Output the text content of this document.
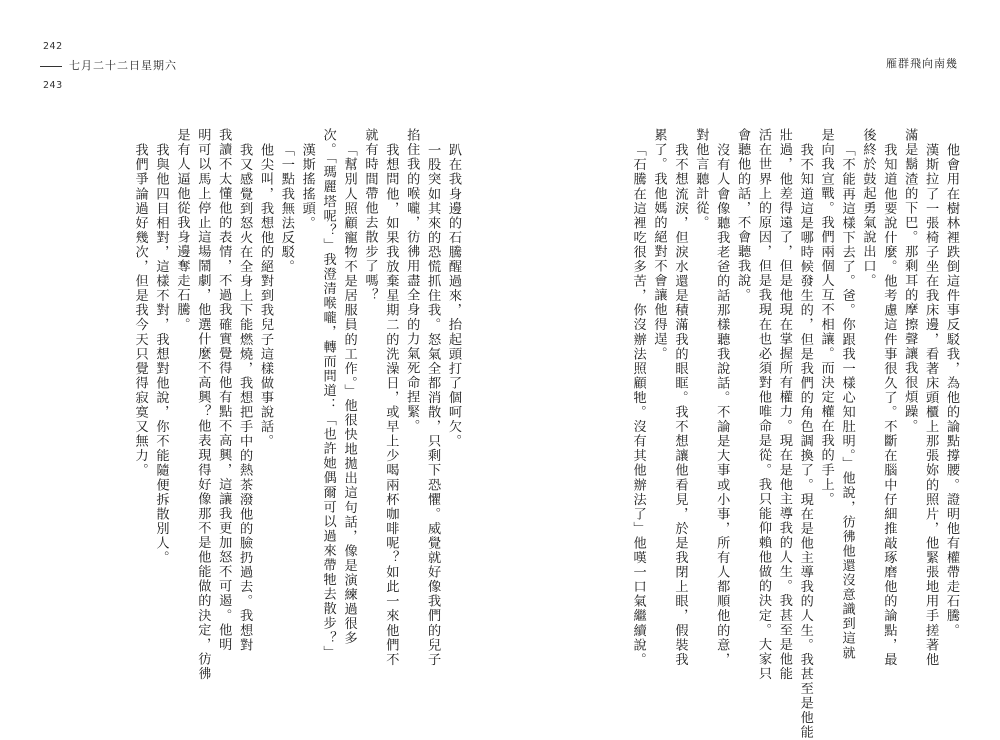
242
七月二十二日星期六
243
雁群飛向南幾
他會用在樹林裡跌倒這件事反駁我，為他的論點撐腰。證明他有權帶走石騰。
漢斯拉了一張椅子坐在我床邊，看著床頭櫃上那張妳的照片，他緊張地用手搓著他
滿是鬍渣的下巴。那剩耳的摩擦聲讓我很煩躁。
我知道他要說什麼。他考慮這件事很久了。不斷在腦中仔細推敲琢磨他的論點，最
後終於鼓起勇氣說出口。
「不能再這樣下去了。爸。你跟我一樣心知肚明。」他說，彷彿他還沒意識到這就
是向我宣戰。我們兩個人互不相讓。而決定權在我的手上。
我不知道這是哪時候發生的，但是我們的角色調換了。現在是他主導我的人生。我甚至是他能
壯過，他差得遠了，但是他現在掌握所有權力。現在是他主導我的人生。我甚至是他能
活在世界上的原因，但是我現在也必須對他唯命是從。我只能仰賴他做的決定。大家只
會聽他的話，不會聽我說。
沒有人會像聽我老爸的話那樣聽我說話。不論是大事或小事，所有人都順他的意，
對他言聽計從。
我不想流淚，但淚水還是積滿我的眼眶。我不想讓他看見，於是我閉上眼，假裝我
累了。我他媽的絕對不會讓他得逞。
「石騰在這裡吃很多苦，你沒辦法照顧牠。沒有其他辦法了」他嘆一口氣繼續說。
趴在我身邊的石騰醒過來，抬起頭打了個呵欠。
一股突如其來的恐慌抓住我。怒氣全都消散，只剩下恐懼。威覺就好像我們的兒子
掐住我的喉嚨，彷彿用盡全身的力氣死命捏緊。
我想問他，如果我放棄星期二的洗澡日，或早上少喝兩杯咖啡呢？如此一來他們不
就有時間帶他去散步了嗎？
「幫別人照顧寵物不是居服員的工作。」他很快地拋出這句話，像是演練過很多
次。「瑪麗塔呢？」我澄清喉嚨，轉而問道：「也許她偶爾可以過來帶牠去散步？」
漢斯搖搖頭。
「一點我無法反駁。
他尖叫，我想他的絕對到我兒子這樣做事說話。
我又感覺到怒火在全身上下能燃燒，我想把手中的熱茶潑他的臉扔過去。我想對
我讀不太懂他的表情，不過我確實覺得他有點不高興，這讓我更加怒不可遏。他明
明可以馬上停止這場鬧劇，他選什麼不高興？他表現得好像那不是他能做的決定，彷彿
是有人逼他從我身邊奪走石騰。
我與他四目相對，這樣不對，我想對他說，你不能隨便拆散別人。
我們爭論過好幾次，但是我今天只覺得寂寞又無力。
